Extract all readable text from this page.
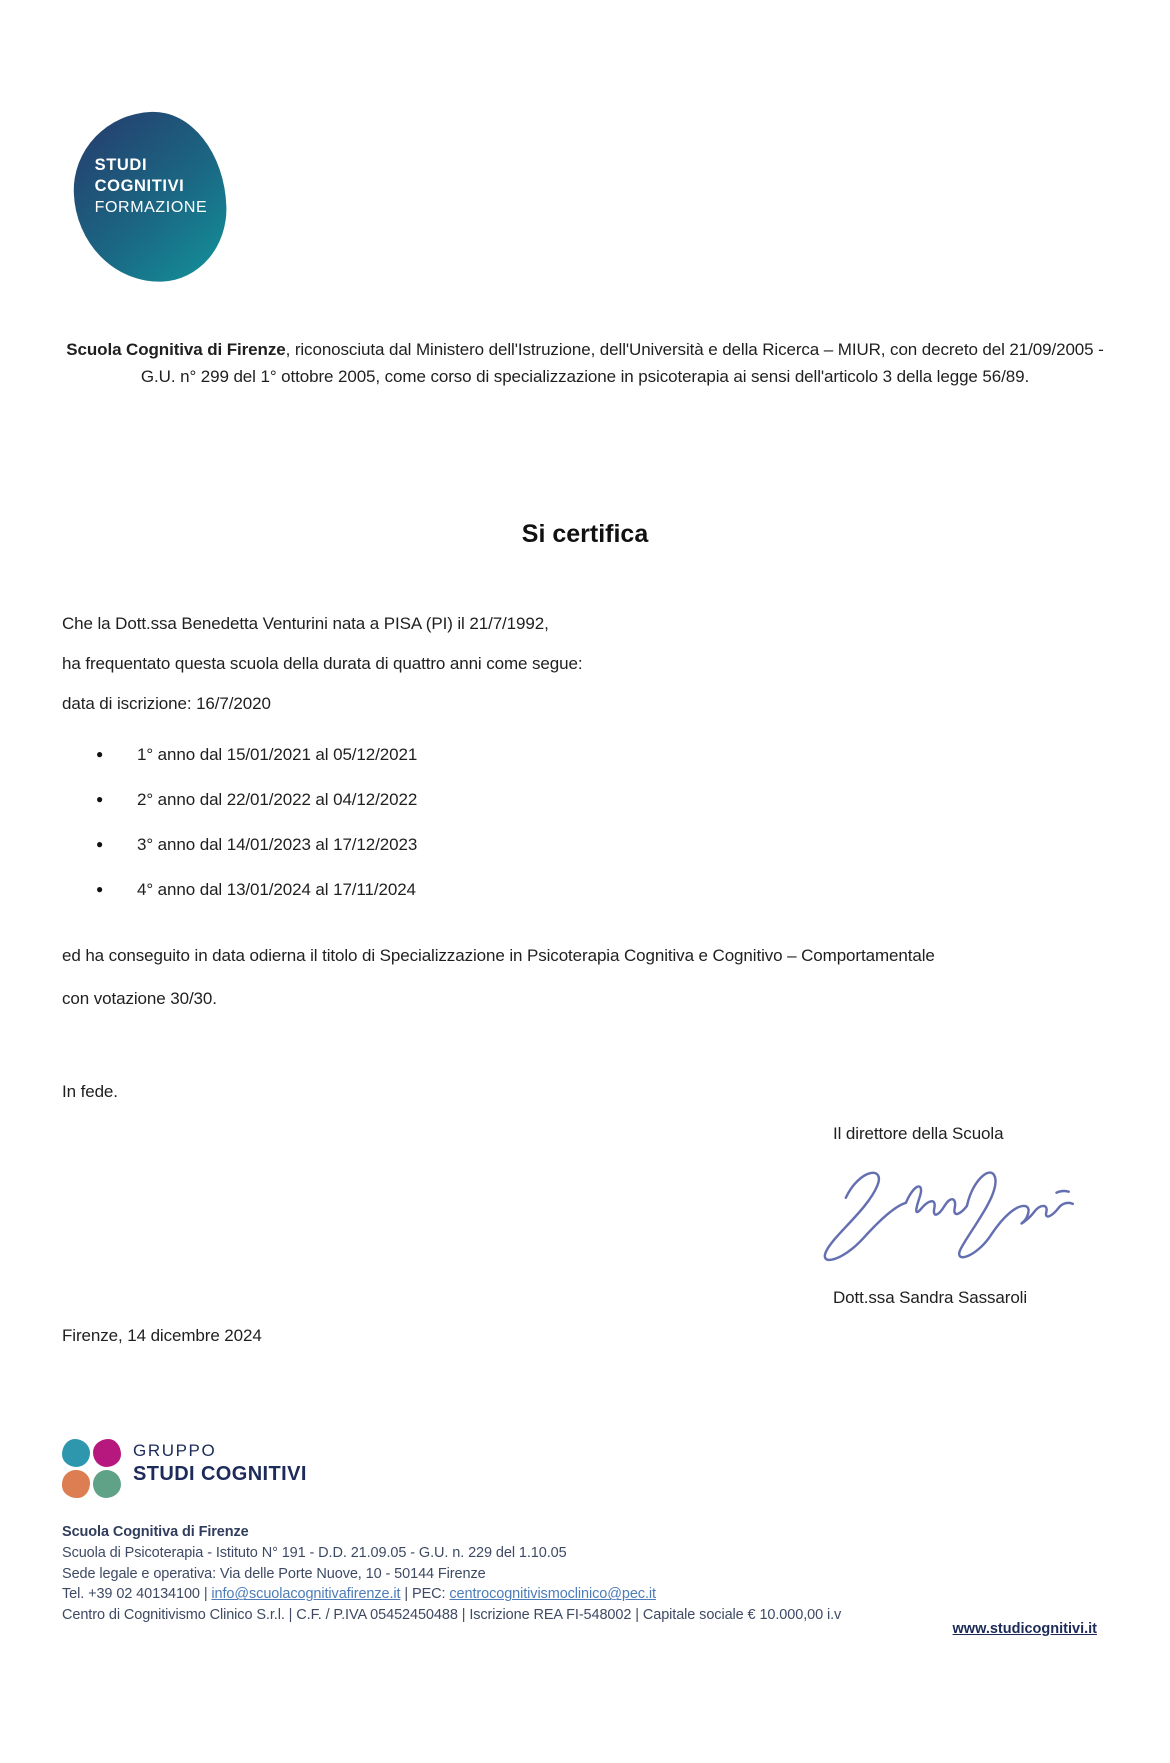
STUDI
COGNITIVI
FORMAZIONE
Scuola Cognitiva di Firenze, riconosciuta dal Ministero dell'Istruzione, dell'Università e della Ricerca – MIUR, con decreto del 21/09/2005 - G.U. n° 299 del 1° ottobre 2005, come corso di specializzazione in psicoterapia ai sensi dell'articolo 3 della legge 56/89.
Si certifica
Che la Dott.ssa Benedetta Venturini nata a PISA (PI) il 21/7/1992,
ha frequentato questa scuola della durata di quattro anni come segue:
data di iscrizione: 16/7/2020
●	1° anno dal 15/01/2021 al 05/12/2021
●	2° anno dal 22/01/2022 al 04/12/2022
●	3° anno dal 14/01/2023 al 17/12/2023
●	4° anno dal 13/01/2024 al 17/11/2024
ed ha conseguito in data odierna il titolo di Specializzazione in Psicoterapia Cognitiva e Cognitivo – Comportamentale
con votazione 30/30.
In fede.
Il direttore della Scuola
Dott.ssa Sandra Sassaroli
Firenze, 14 dicembre 2024
GRUPPO
STUDI COGNITIVI
Scuola Cognitiva di Firenze
Scuola di Psicoterapia - Istituto N° 191 - D.D. 21.09.05 - G.U. n. 229 del 1.10.05
Sede legale e operativa: Via delle Porte Nuove, 10 - 50144 Firenze
Tel. +39 02 40134100 | info@scuolacognitivafirenze.it | PEC: centrocognitivismoclinico@pec.it
Centro di Cognitivismo Clinico S.r.l. | C.F. / P.IVA 05452450488 | Iscrizione REA FI-548002 | Capitale sociale € 10.000,00 i.v
www.studicognitivi.it
